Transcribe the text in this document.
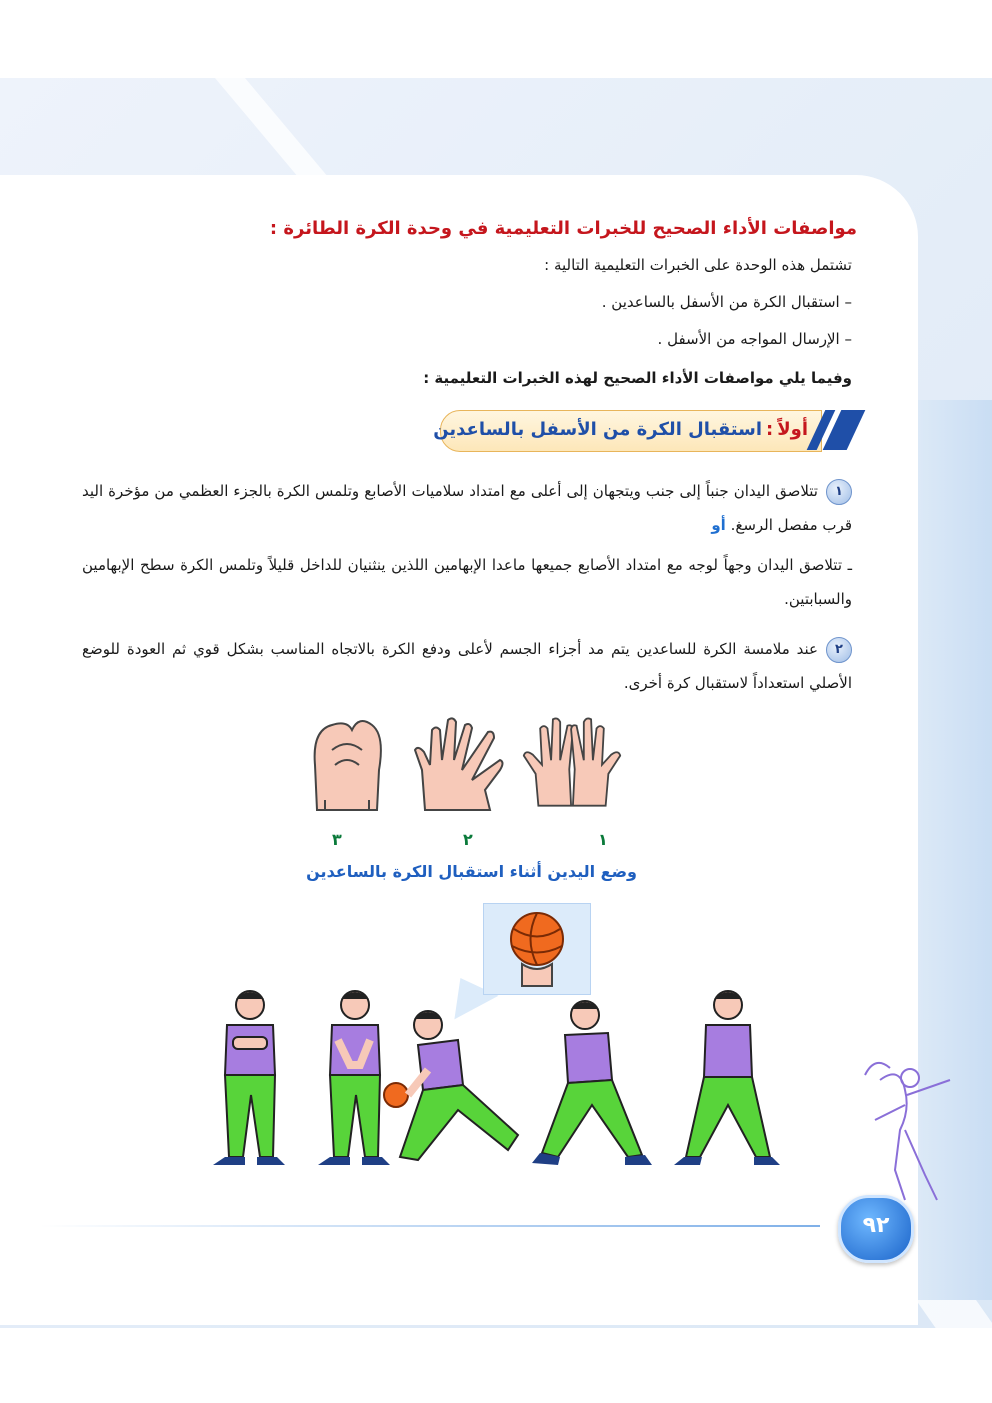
مواصفات الأداء الصحيح للخبرات التعليمية في وحدة الكرة الطائرة :
تشتمل هذه الوحدة على الخبرات التعليمية التالية :
– استقبال الكرة من الأسفل بالساعدين .
– الإرسال المواجه من الأسفل .
وفيما يلي مواصفات الأداء الصحيح لهذه الخبرات التعليمية :
أولاً:استقبال الكرة من الأسفل بالساعدين
١تتلاصق اليدان جنباً إلى جنب ويتجهان إلى أعلى مع امتداد سلاميات الأصابع وتلمس الكرة بالجزء العظمي من مؤخرة اليد قرب مفصل الرسغ. أو
ـ تتلاصق اليدان وجهاً لوجه مع امتداد الأصابع جميعها ماعدا الإبهامين اللذين ينثنيان للداخل قليلاً وتلمس الكرة سطح الإبهامين والسبابتين.
٢عند ملامسة الكرة للساعدين يتم مد أجزاء الجسم لأعلى ودفع الكرة بالاتجاه المناسب بشكل قوي ثم العودة للوضع الأصلي استعداداً لاستقبال كرة أخرى.
١
٢
٣
وضع اليدين أثناء استقبال الكرة بالساعدين
٩٢
